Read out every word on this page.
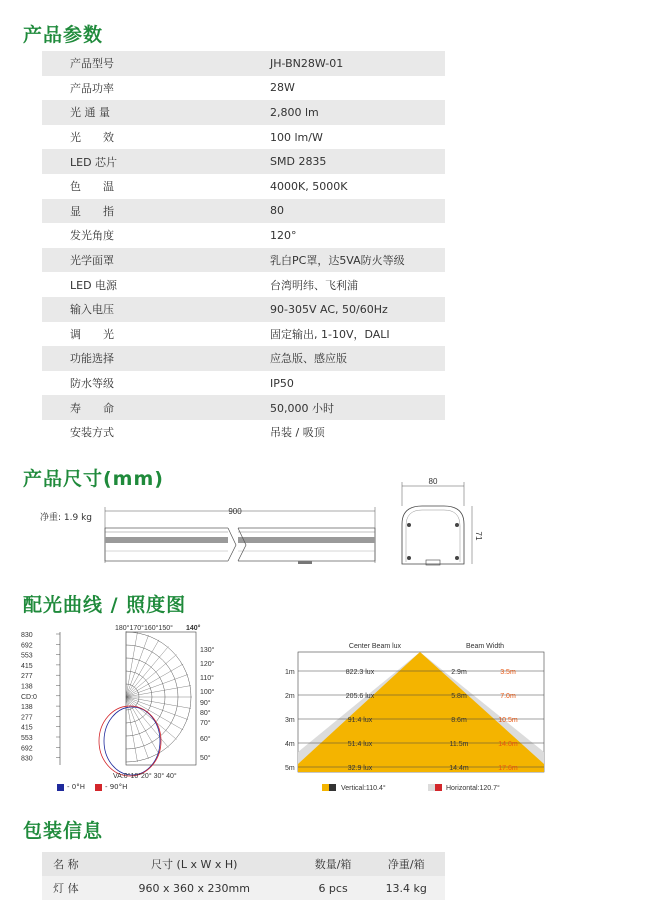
产品参数
产品尺寸(mm)
配光曲线 / 照度图
包装信息
产品型号	JH-BN28W-01
产品功率	28W
光 通 量	2,800 lm
光　　效	100 lm/W
LED 芯片	SMD 2835
色　　温	4000K, 5000K
显　　指	80
发光角度	120°
光学面罩	乳白PC罩，达5VA防火等级
LED 电源	台湾明纬、飞利浦
输入电压	90-305V AC, 50/60Hz
调　　光	固定输出, 1-10V，DALI
功能选择	应急版、感应版
防水等级	IP50
寿　　命	50,000 小时
安装方式	吊装 / 吸顶
净重: 1.9 kg
900
80
71
180°170°160°150° 140°
830
692
553
415
277
138
CD:0
138
277
415
553
692
830
130°
120°
110°
100°
90°
80°
70°
60°
50°
VA:0°10°20° 30° 40°
- 0°H	- 90°H
Center Beam lux	Beam Width
1m	822.3 lux	2.9m	3.5m
2m	205.6 lux	5.8m	7.0m
3m	91.4 lux	8.6m	10.5m
4m	51.4 lux	11.5m	14.0m
5m	32.9 lux	14.4m	17.6m
Vertical:110.4°	Horizontal:120.7°
名 称	尺寸 (L x W x H)	数量/箱	净重/箱
灯 体	960 x 360 x 230mm	6 pcs	13.4 kg
